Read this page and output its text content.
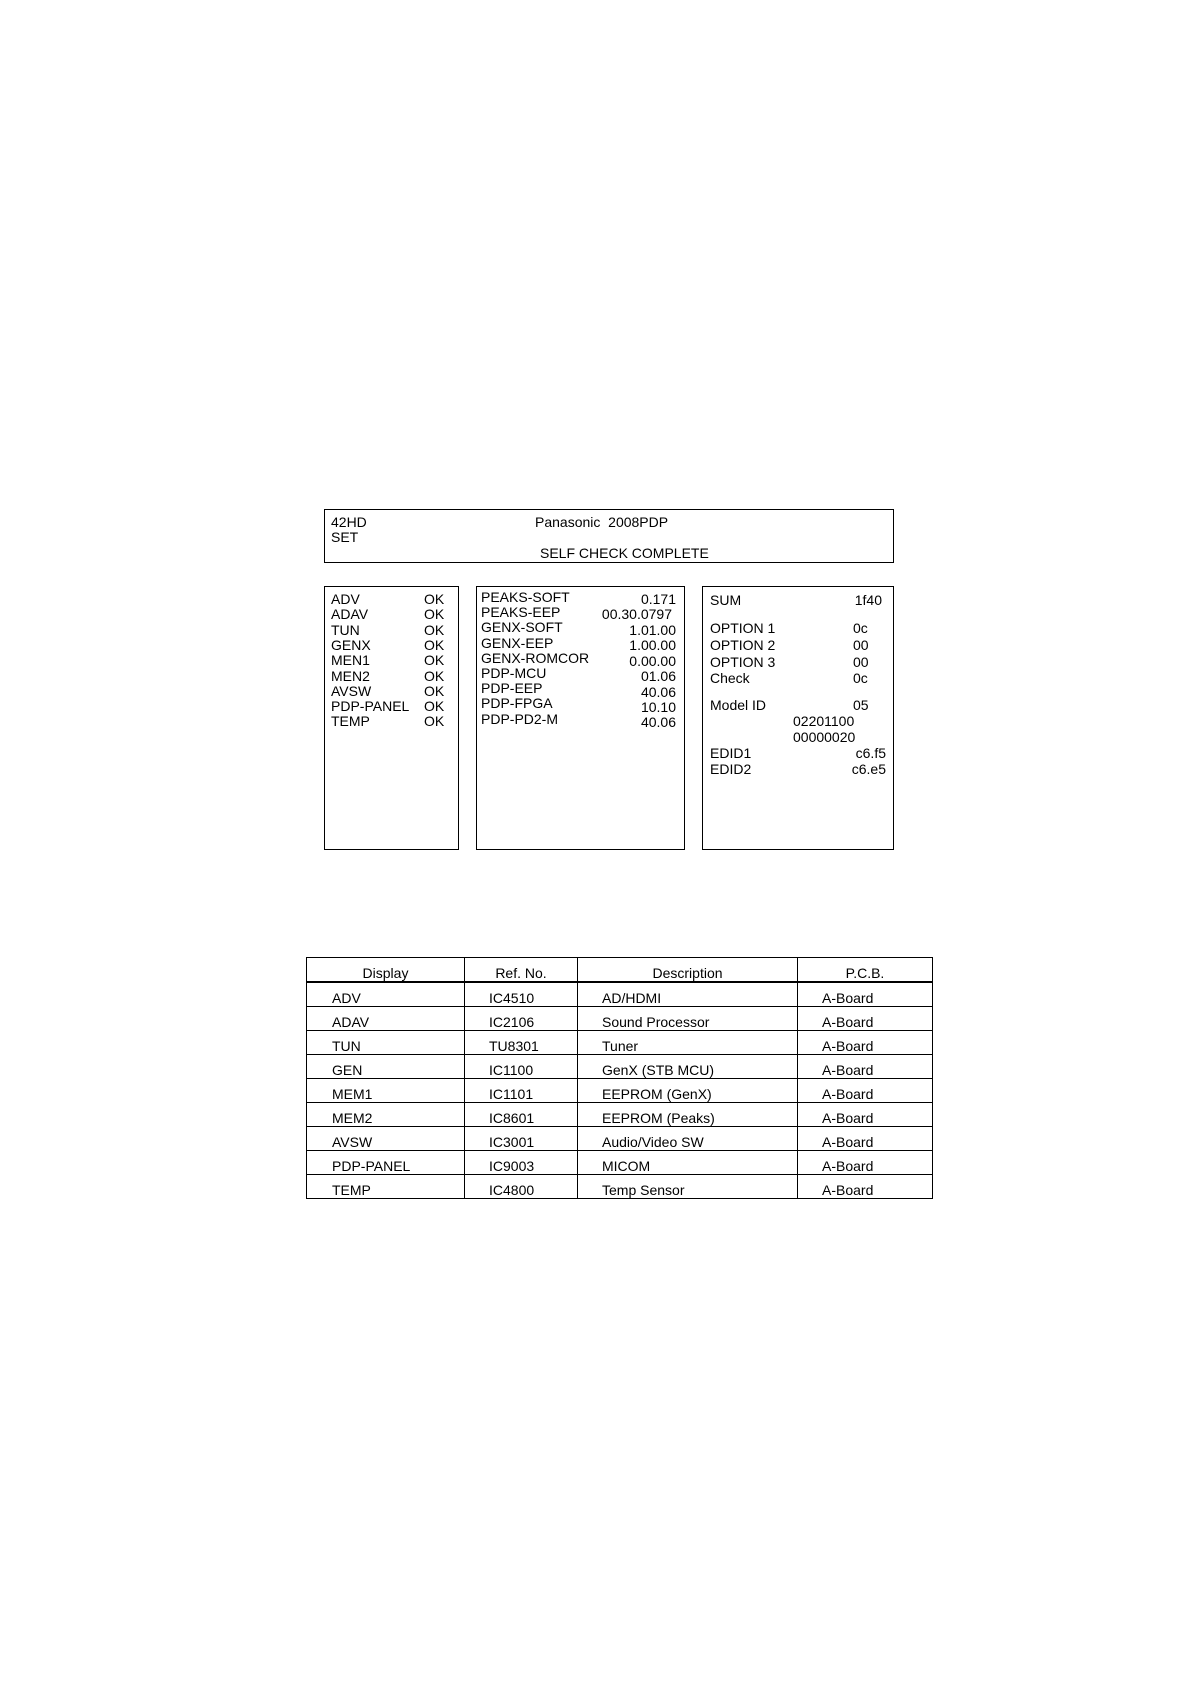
42HD
SET
Panasonic  2008PDP
SELF CHECK COMPLETE
ADV	OK
ADAV	OK
TUN	OK
GENX	OK
MEN1	OK
MEN2	OK
AVSW	OK
PDP-PANEL OK
TEMP	OK
PEAKS-SOFT	0.171
PEAKS-EEP	00.30.0797
GENX-SOFT	1.01.00
GENX-EEP	1.00.00
GENX-ROMCOR	0.00.00
PDP-MCU	01.06
PDP-EEP	40.06
PDP-FPGA	10.10
PDP-PD2-M	40.06
SUM	1f40
OPTION 1	0c
OPTION 2	00
OPTION 3	00
Check	0c
Model ID	05
02201100
00000020
EDID1	c6.f5
EDID2	c6.e5
Display	Ref. No.	Description	P.C.B.
ADV	IC4510	AD/HDMI	A-Board
ADAV	IC2106	Sound Processor	A-Board
TUN	TU8301	Tuner	A-Board
GEN	IC1100	GenX (STB MCU)	A-Board
MEM1	IC1101	EEPROM (GenX)	A-Board
MEM2	IC8601	EEPROM (Peaks)	A-Board
AVSW	IC3001	Audio/Video SW	A-Board
PDP-PANEL	IC9003	MICOM	A-Board
TEMP	IC4800	Temp Sensor	A-Board
